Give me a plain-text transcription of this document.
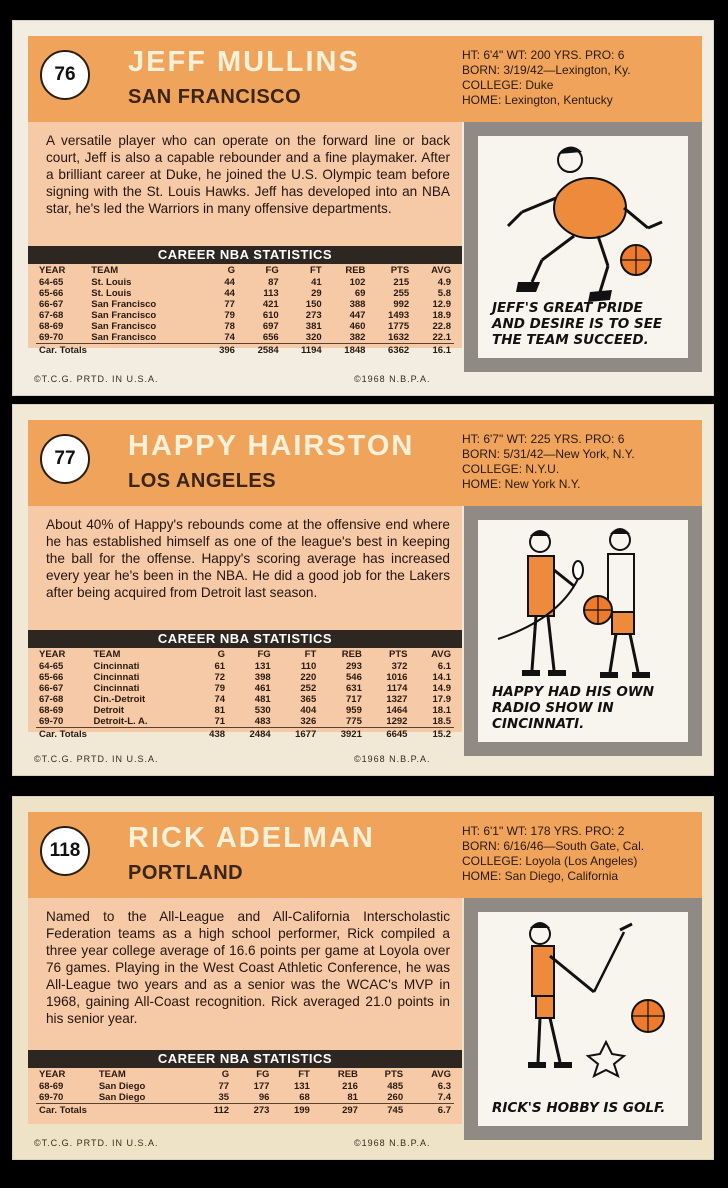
76	JEFF MULLINS
SAN FRANCISCO
HT: 6'4" WT: 200 YRS. PRO: 6
BORN: 3/19/42—Lexington, Ky.
COLLEGE: Duke
HOME: Lexington, Kentucky
A versatile player who can operate on the forward line or back court, Jeff is also a capable rebounder and a fine playmaker. After a brilliant career at Duke, he joined the U.S. Olympic team before signing with the St. Louis Hawks. Jeff has developed into an NBA star, he's led the Warriors in many offensive departments.
CAREER NBA STATISTICS
YEAR	TEAM	G	FG	FT	REB	PTS	AVG
64-65	St. Louis	44	87	41	102	215	4.9
65-66	St. Louis	44	113	29	69	255	5.8
66-67	San Francisco	77	421	150	388	992	12.9
67-68	San Francisco	79	610	273	447	1493	18.9
68-69	San Francisco	78	697	381	460	1775	22.8
69-70	San Francisco	74	656	320	382	1632	22.1
Car. Totals		396	2584	1194	1848	6362	16.1
©T.C.G. PRTD. IN U.S.A.	©1968 N.B.P.A.
JEFF'S GREAT PRIDE AND DESIRE IS TO SEE THE TEAM SUCCEED.
77	HAPPY HAIRSTON
LOS ANGELES
HT: 6'7" WT: 225 YRS. PRO: 6
BORN: 5/31/42—New York, N.Y.
COLLEGE: N.Y.U.
HOME: New York N.Y.
About 40% of Happy's rebounds come at the offensive end where he has established himself as one of the league's best in keeping the ball for the offense. Happy's scoring average has increased every year he's been in the NBA. He did a good job for the Lakers after being acquired from Detroit last season.
CAREER NBA STATISTICS
YEAR	TEAM	G	FG	FT	REB	PTS	AVG
64-65	Cincinnati	61	131	110	293	372	6.1
65-66	Cincinnati	72	398	220	546	1016	14.1
66-67	Cincinnati	79	461	252	631	1174	14.9
67-68	Cin.-Detroit	74	481	365	717	1327	17.9
68-69	Detroit	81	530	404	959	1464	18.1
69-70	Detroit-L. A.	71	483	326	775	1292	18.5
Car. Totals		438	2484	1677	3921	6645	15.2
©T.C.G. PRTD. IN U.S.A.	©1968 N.B.P.A.
HAPPY HAD HIS OWN RADIO SHOW IN CINCINNATI.
118	RICK ADELMAN
PORTLAND
HT: 6'1" WT: 178 YRS. PRO: 2
BORN: 6/16/46—South Gate, Cal.
COLLEGE: Loyola (Los Angeles)
HOME: San Diego, California
Named to the All-League and All-California Interscholastic Federation teams as a high school performer, Rick compiled a three year college average of 16.6 points per game at Loyola over 76 games. Playing in the West Coast Athletic Conference, he was All-League two years and as a senior was the WCAC's MVP in 1968, gaining All-Coast recognition. Rick averaged 21.0 points in his senior year.
CAREER NBA STATISTICS
YEAR	TEAM	G	FG	FT	REB	PTS	AVG
68-69	San Diego	77	177	131	216	485	6.3
69-70	San Diego	35	96	68	81	260	7.4
Car. Totals		112	273	199	297	745	6.7
©T.C.G. PRTD. IN U.S.A.	©1968 N.B.P.A.
RICK'S HOBBY IS GOLF.
